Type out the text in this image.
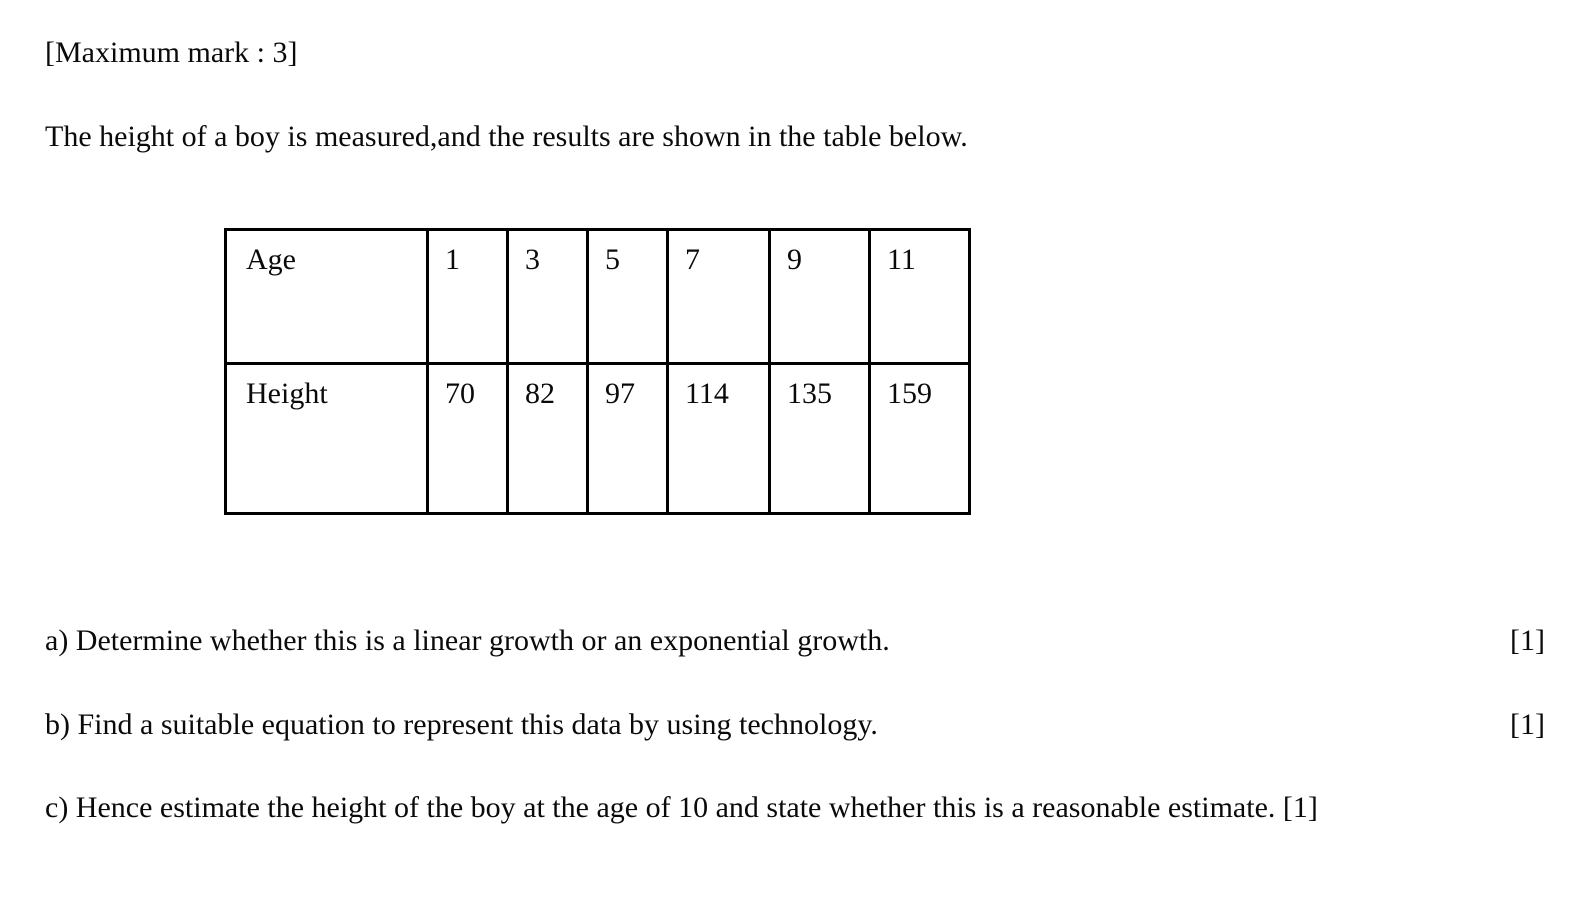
[Maximum mark : 3]
The height of a boy is measured,and the results are shown in the table below.
Age	1	3	5	7	9	11
Height	70	82	97	114	135	159
a) Determine whether this is a linear growth or an exponential growth.	[1]
b) Find a suitable equation to represent this data by using technology.	[1]
c) Hence estimate the height of the boy at the age of 10 and state whether this is a reasonable estimate. [1]
